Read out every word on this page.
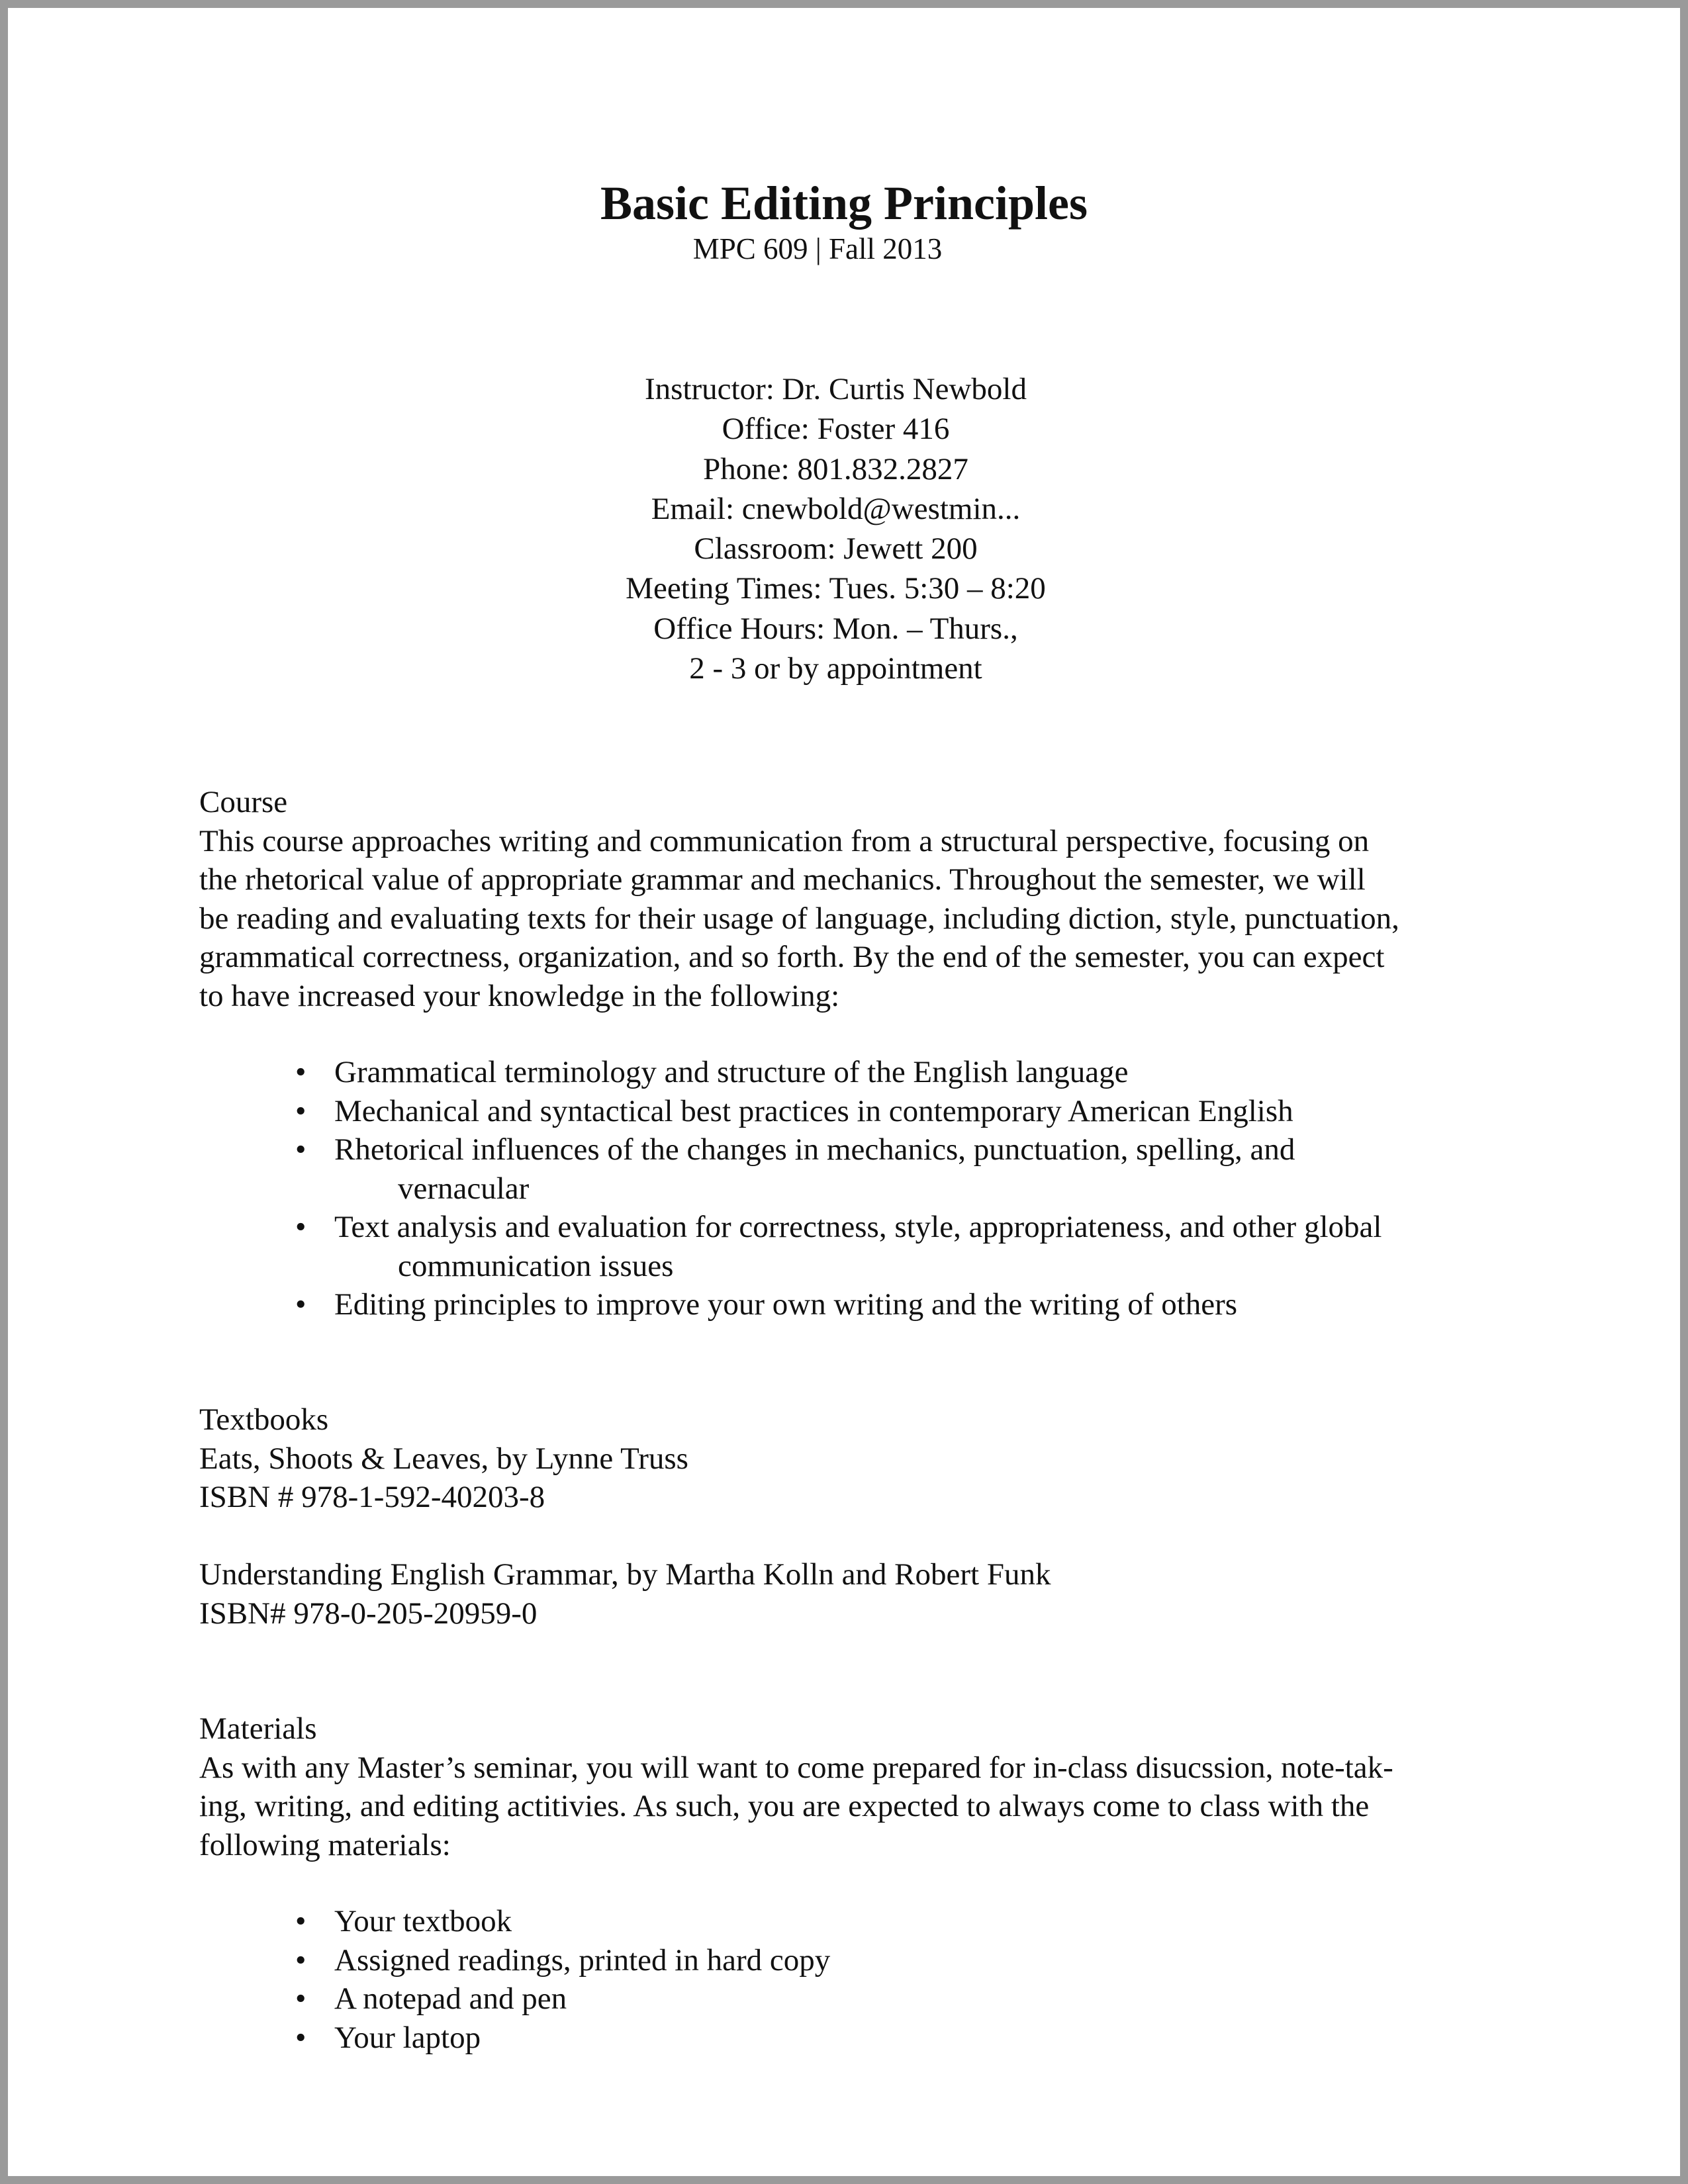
Basic Editing Principles
MPC 609 | Fall 2013
Instructor: Dr. Curtis Newbold
Office: Foster 416
Phone: 801.832.2827
Email: cnewbold@westmin...
Classroom: Jewett 200
Meeting Times: Tues. 5:30 – 8:20
Office Hours: Mon. – Thurs.,
2 - 3 or by appointment
Course
This course approaches writing and communication from a structural perspective, focusing on
the rhetorical value of appropriate grammar and mechanics. Throughout the semester, we will
be reading and evaluating texts for their usage of language, including diction, style, punctuation,
grammatical correctness, organization, and so forth. By the end of the semester, you can expect
to have increased your knowledge in the following:
• Grammatical terminology and structure of the English language
• Mechanical and syntactical best practices in contemporary American English
• Rhetorical influences of the changes in mechanics, punctuation, spelling, and
vernacular
• Text analysis and evaluation for correctness, style, appropriateness, and other global
communication issues
• Editing principles to improve your own writing and the writing of others
Textbooks

Eats, Shoots & Leaves, by Lynne Truss

ISBN # 978-1-592-40203-8

Understanding English Grammar, by Martha Kolln and Robert Funk

ISBN# 978-0-205-20959-0

Materials
As with any Master’s seminar, you will want to come prepared for in-class disucssion, note-tak-
ing, writing, and editing actitivies. As such, you are expected to always come to class with the
following materials:
• Your textbook
• Assigned readings, printed in hard copy
• A notepad and pen
• Your laptop
